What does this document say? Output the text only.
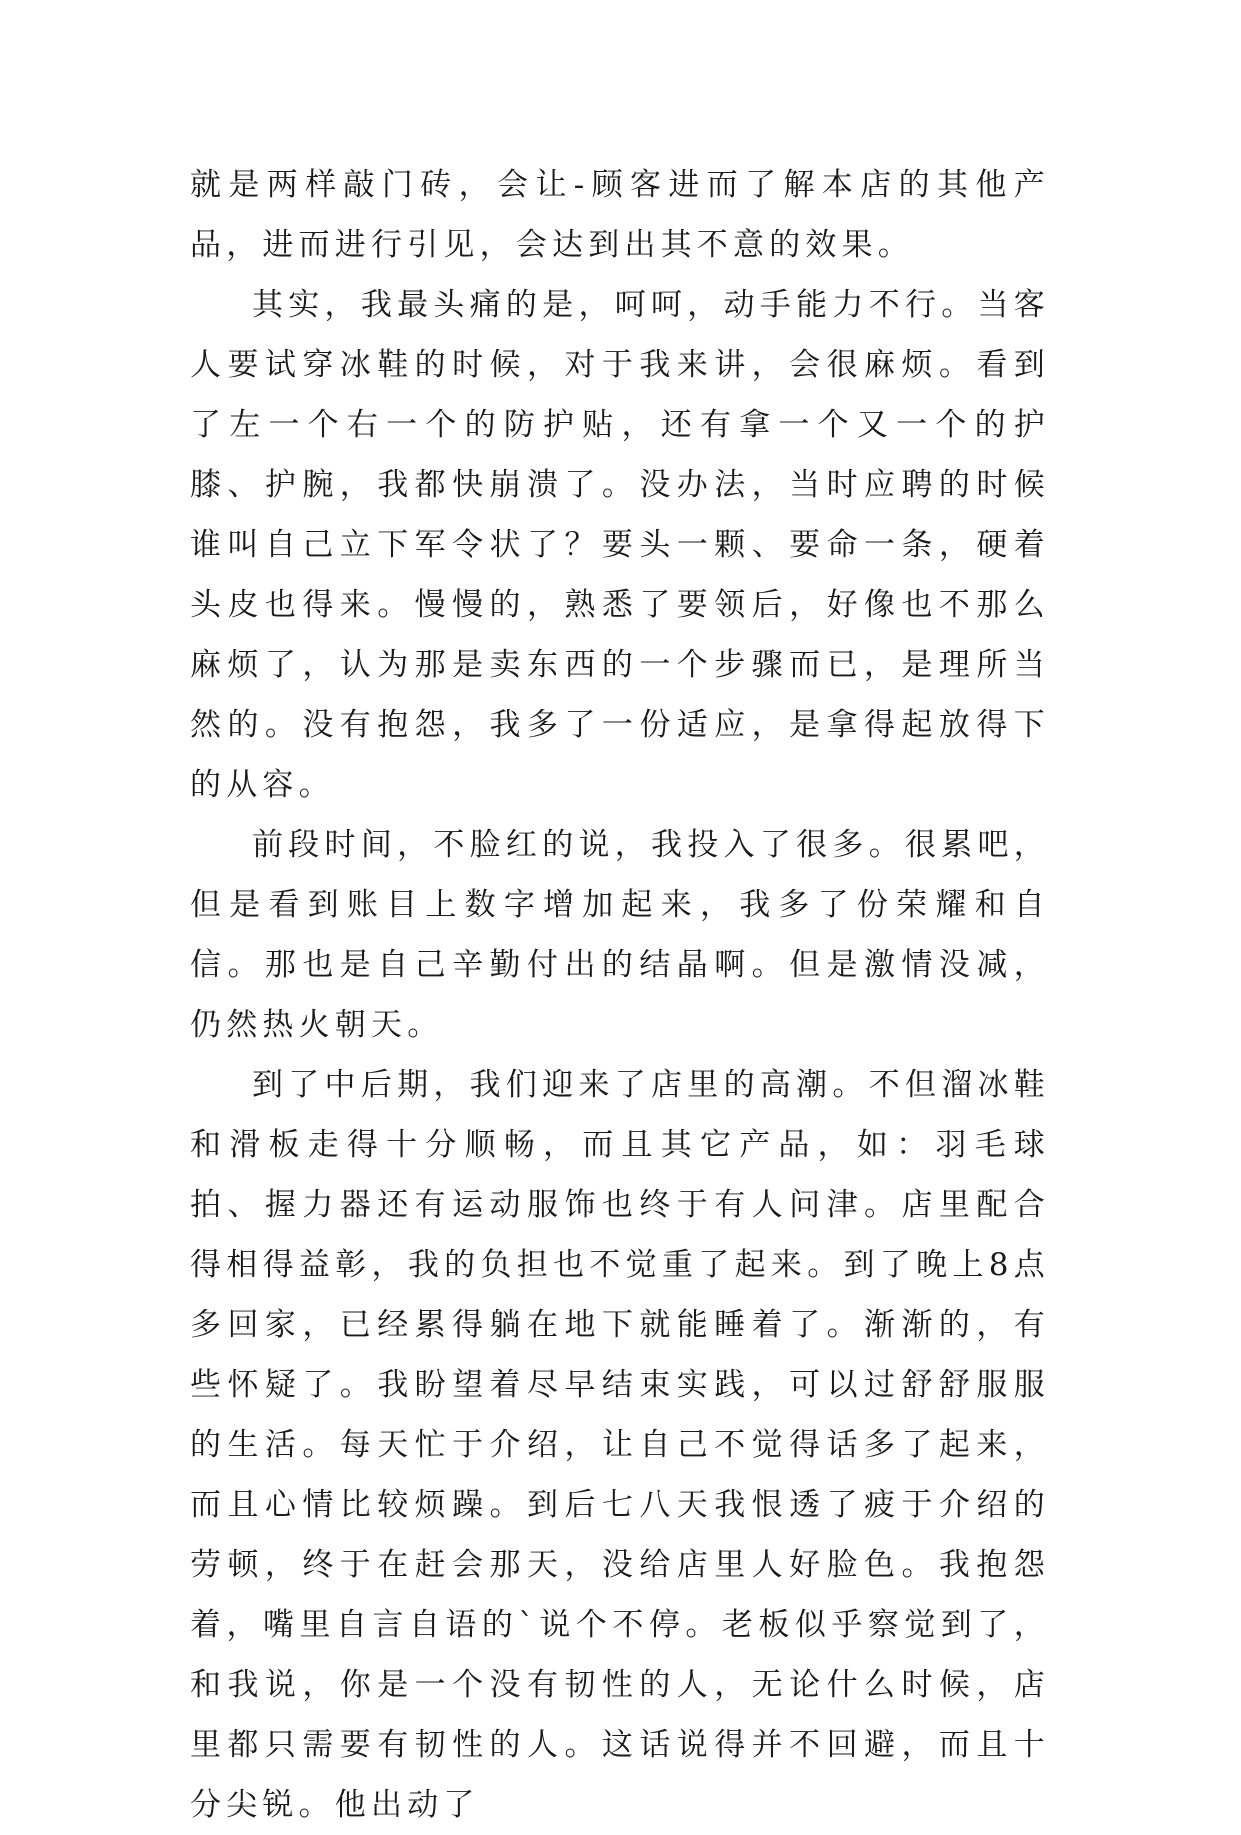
就是两样敲门砖，会让-顾客进而了解本店的其他产品，进而进行引见，会达到出其不意的效果。

其实，我最头痛的是，呵呵，动手能力不行。当客人要试穿冰鞋的时候，对于我来讲，会很麻烦。看到了左一个右一个的防护贴，还有拿一个又一个的护膝、护腕，我都快崩溃了。没办法，当时应聘的时候谁叫自己立下军令状了？要头一颗、要命一条，硬着头皮也得来。慢慢的，熟悉了要领后，好像也不那么麻烦了，认为那是卖东西的一个步骤而已，是理所当然的。没有抱怨，我多了一份适应，是拿得起放得下的从容。

前段时间，不脸红的说，我投入了很多。很累吧，但是看到账目上数字增加起来，我多了份荣耀和自信。那也是自己辛勤付出的结晶啊。但是激情没减，仍然热火朝天。

到了中后期，我们迎来了店里的高潮。不但溜冰鞋和滑板走得十分顺畅，而且其它产品，如：羽毛球拍、握力器还有运动服饰也终于有人问津。店里配合得相得益彰，我的负担也不觉重了起来。到了晚上8点多回家，已经累得躺在地下就能睡着了。渐渐的，有些怀疑了。我盼望着尽早结束实践，可以过舒舒服服的生活。每天忙于介绍，让自己不觉得话多了起来，而且心情比较烦躁。到后七八天我恨透了疲于介绍的劳顿，终于在赶会那天，没给店里人好脸色。我抱怨着，嘴里自言自语的`说个不停。老板似乎察觉到了，和我说，你是一个没有韧性的人，无论什么时候，店里都只需要有韧性的人。这话说得并不回避，而且十分尖锐。他出动了
